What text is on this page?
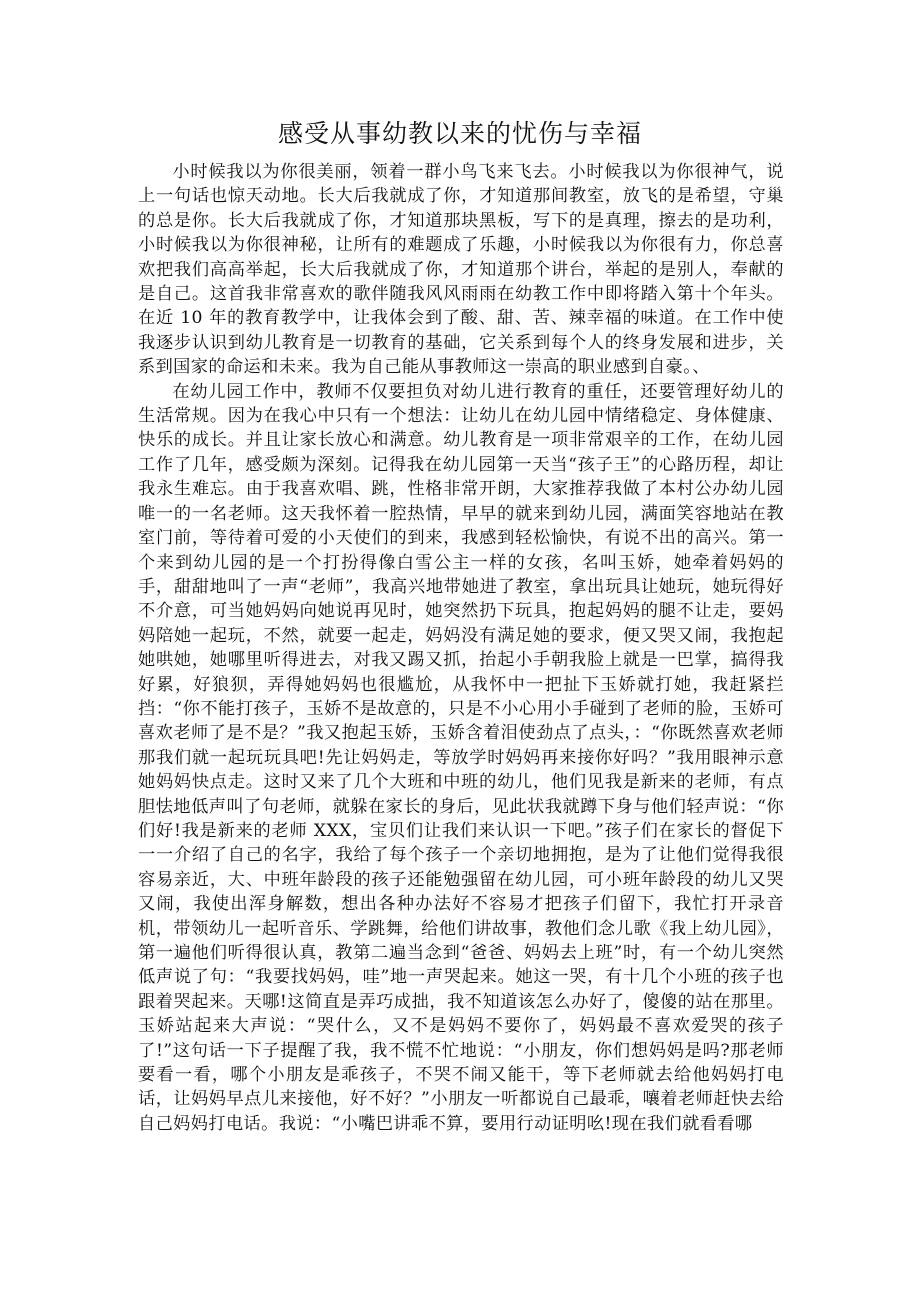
感受从事幼教以来的忧伤与幸福

小时候我以为你很美丽，领着一群小鸟飞来飞去。小时候我以为你很神气，说上一句话也惊天动地。长大后我就成了你，才知道那间教室，放飞的是希望，守巢的总是你。长大后我就成了你，才知道那块黑板，写下的是真理，擦去的是功利，小时候我以为你很神秘，让所有的难题成了乐趣，小时候我以为你很有力，你总喜欢把我们高高举起，长大后我就成了你，才知道那个讲台，举起的是别人，奉献的是自己。这首我非常喜欢的歌伴随我风风雨雨在幼教工作中即将踏入第十个年头。在近 10 年的教育教学中，让我体会到了酸、甜、苦、辣幸福的味道。在工作中使我逐步认识到幼儿教育是一切教育的基础，它关系到每个人的终身发展和进步，关系到国家的命运和未来。我为自己能从事教师这一崇高的职业感到自豪。、

在幼儿园工作中，教师不仅要担负对幼儿进行教育的重任，还要管理好幼儿的生活常规。因为在我心中只有一个想法：让幼儿在幼儿园中情绪稳定、身体健康、快乐的成长。并且让家长放心和满意。幼儿教育是一项非常艰辛的工作，在幼儿园工作了几年，感受颇为深刻。记得我在幼儿园第一天当“孩子王”的心路历程，却让我永生难忘。由于我喜欢唱、跳，性格非常开朗，大家推荐我做了本村公办幼儿园唯一的一名老师。这天我怀着一腔热情，早早的就来到幼儿园，满面笑容地站在教室门前，等待着可爱的小天使们的到来，我感到轻松愉快，有说不出的高兴。第一个来到幼儿园的是一个打扮得像白雪公主一样的女孩，名叫玉娇，她牵着妈妈的手，甜甜地叫了一声“老师”，我高兴地带她进了教室，拿出玩具让她玩，她玩得好不介意，可当她妈妈向她说再见时，她突然扔下玩具，抱起妈妈的腿不让走，要妈妈陪她一起玩，不然，就要一起走，妈妈没有满足她的要求，便又哭又闹，我抱起她哄她，她哪里听得进去，对我又踢又抓，抬起小手朝我脸上就是一巴掌，搞得我好累，好狼狈，弄得她妈妈也很尴尬，从我怀中一把扯下玉娇就打她，我赶紧拦挡：“你不能打孩子，玉娇不是故意的，只是不小心用小手碰到了老师的脸，玉娇可喜欢老师了是不是？”我又抱起玉娇，玉娇含着泪使劲点了点头，：“你既然喜欢老师那我们就一起玩玩具吧!先让妈妈走，等放学时妈妈再来接你好吗？”我用眼神示意她妈妈快点走。这时又来了几个大班和中班的幼儿，他们见我是新来的老师，有点胆怯地低声叫了句老师，就躲在家长的身后，见此状我就蹲下身与他们轻声说：“你们好!我是新来的老师 XXX，宝贝们让我们来认识一下吧。”孩子们在家长的督促下一一介绍了自己的名字，我给了每个孩子一个亲切地拥抱，是为了让他们觉得我很容易亲近，大、中班年龄段的孩子还能勉强留在幼儿园，可小班年龄段的幼儿又哭又闹，我使出浑身解数，想出各种办法好不容易才把孩子们留下，我忙打开录音机，带领幼儿一起听音乐、学跳舞，给他们讲故事，教他们念儿歌《我上幼儿园》，第一遍他们听得很认真，教第二遍当念到“爸爸、妈妈去上班”时，有一个幼儿突然低声说了句：“我要找妈妈，哇”地一声哭起来。她这一哭，有十几个小班的孩子也跟着哭起来。天哪!这简直是弄巧成拙，我不知道该怎么办好了，傻傻的站在那里。玉娇站起来大声说：“哭什么，又不是妈妈不要你了，妈妈最不喜欢爱哭的孩子了!”这句话一下子提醒了我，我不慌不忙地说：“小朋友，你们想妈妈是吗?那老师要看一看，哪个小朋友是乖孩子，不哭不闹又能干，等下老师就去给他妈妈打电话，让妈妈早点儿来接他，好不好？”小朋友一听都说自己最乖，嚷着老师赶快去给自己妈妈打电话。我说：“小嘴巴讲乖不算，要用行动证明吆!现在我们就看看哪
